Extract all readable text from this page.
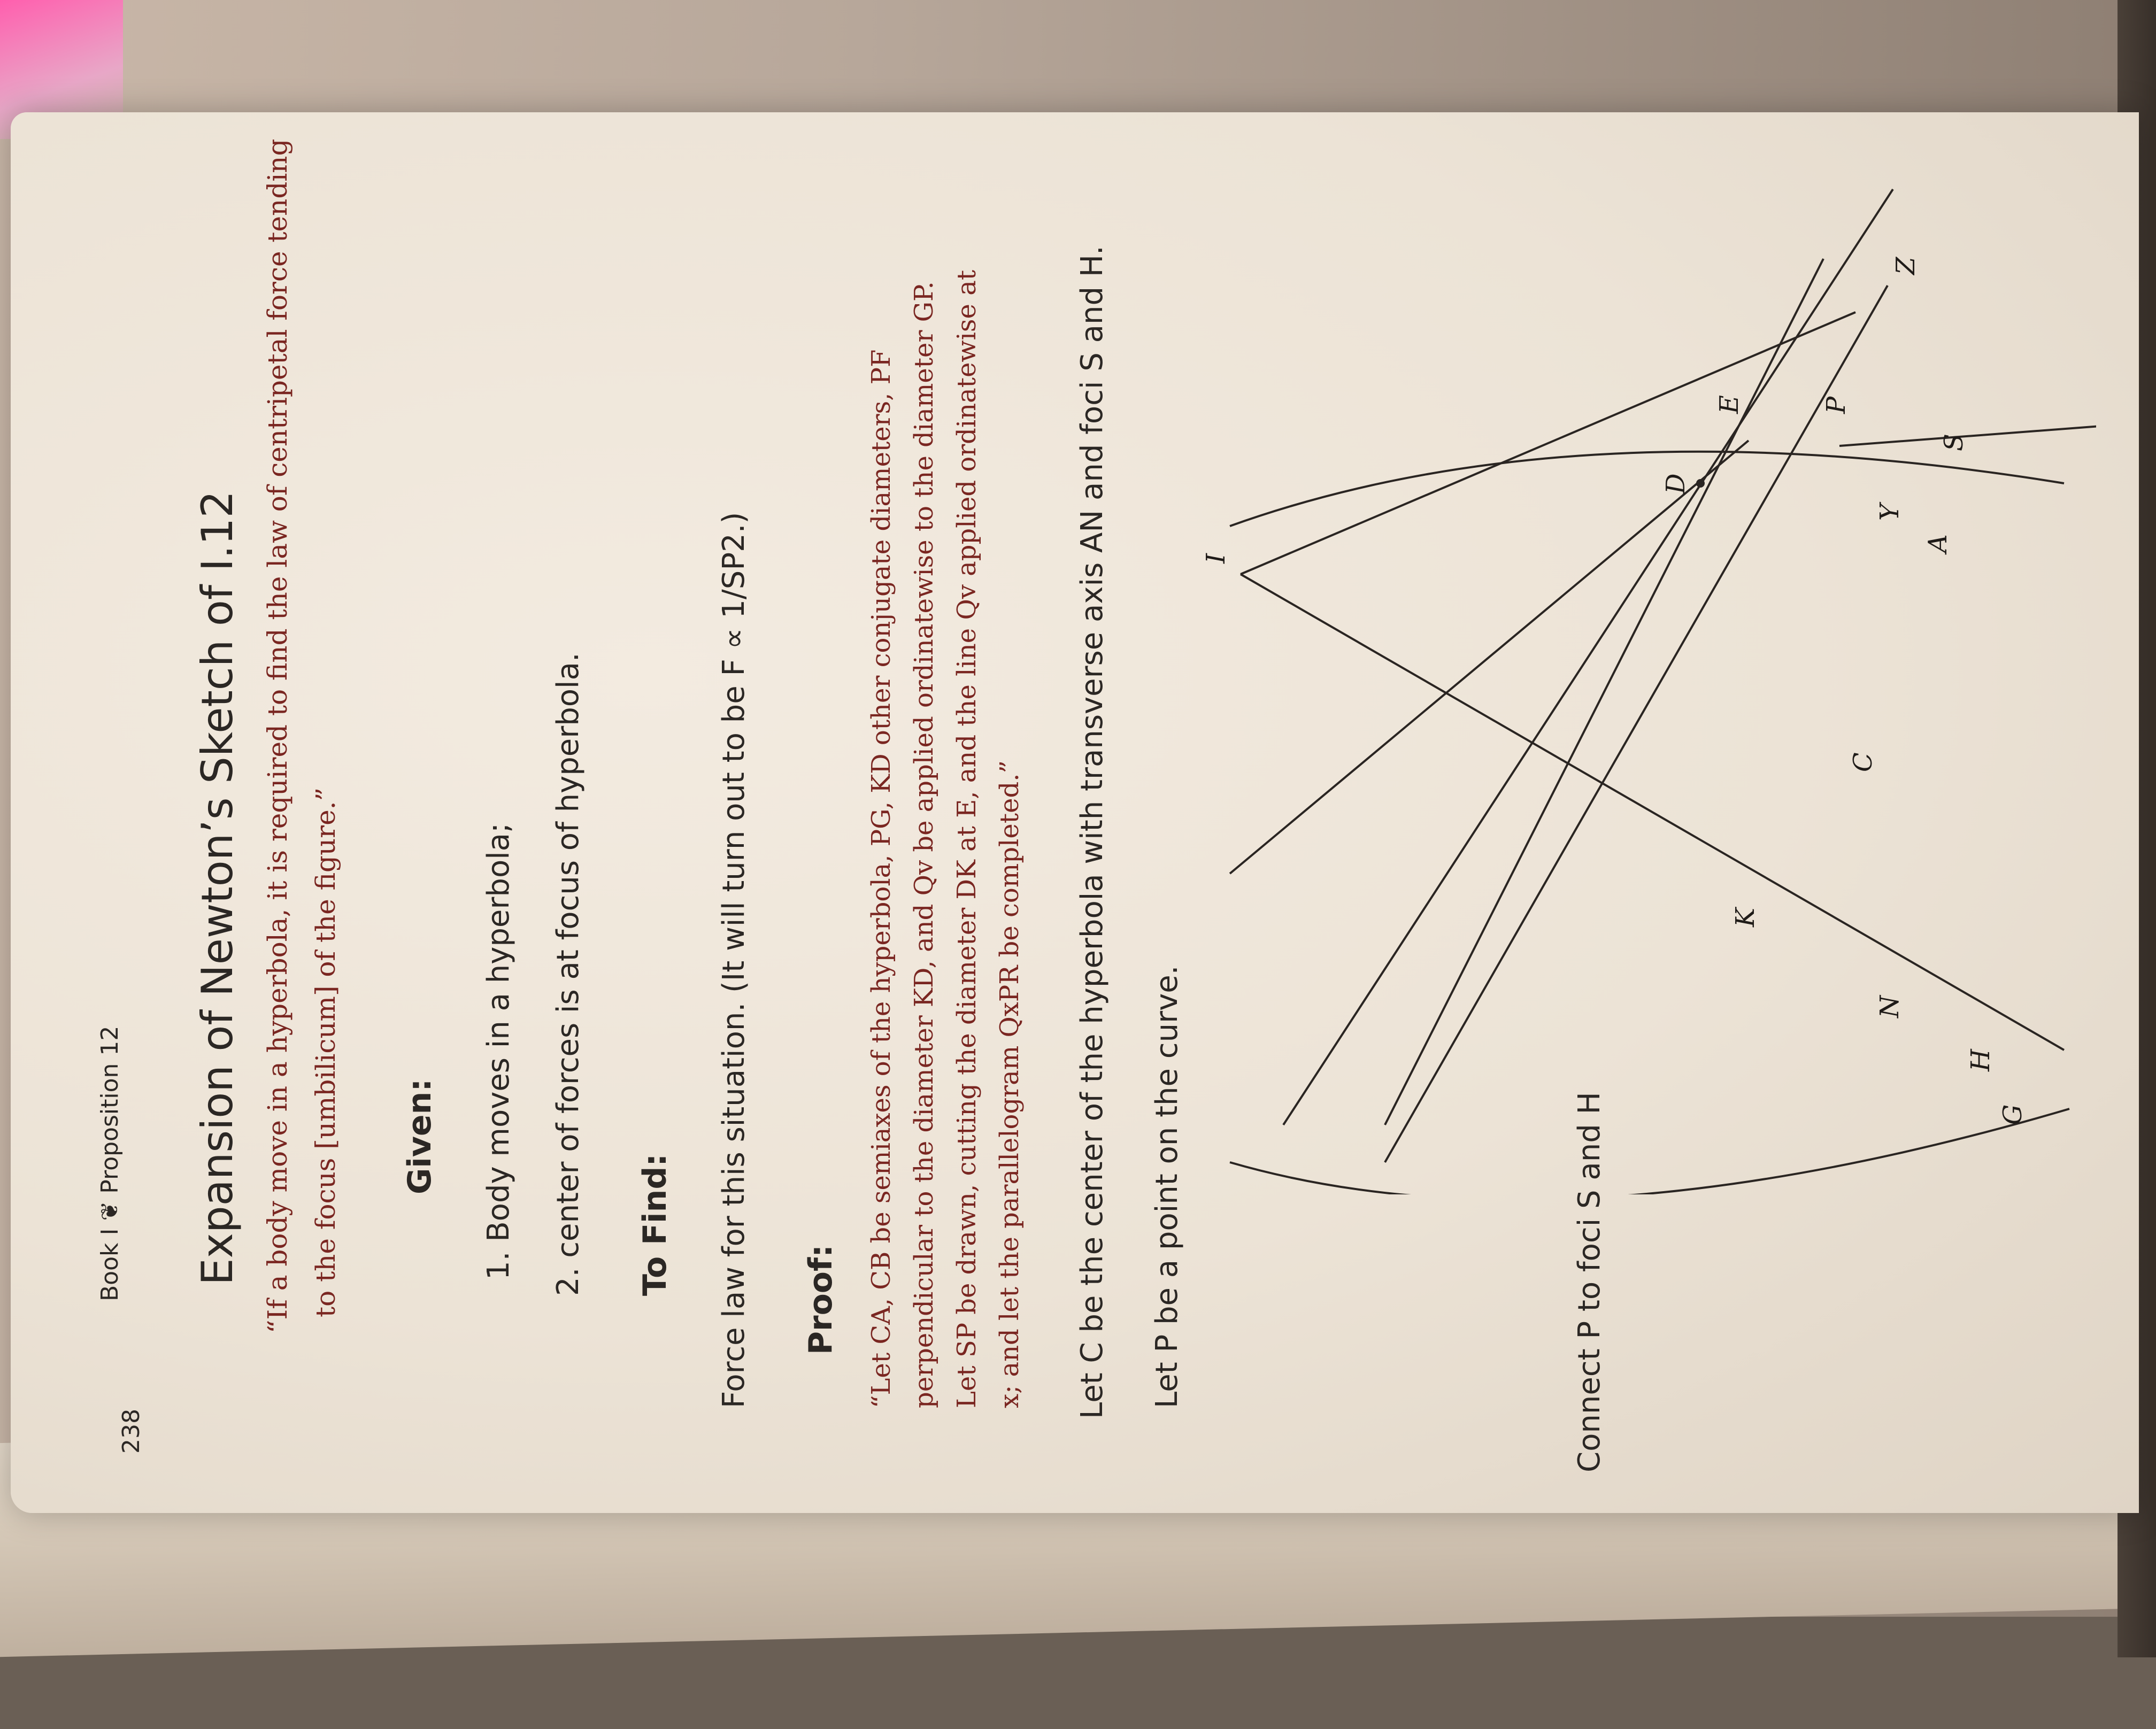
238
Book I ❦ Proposition 12 Expansion of Newton’s Sketch of I.12 “If a body move in a hyperbola, it is required to find the law of centripetal force tending to the focus [umbilicum] of the figure.” Given: 1. Body moves in a hyperbola; 2. center of forces is at focus of hyperbola. To Find: Force law for this situation. (It will turn out to be F ∝ 1/SP2.) Proof: “Let CA, CB be semiaxes of the hyperbola, PG, KD other conjugate diameters, PF perpendicular to the diameter KD, and Qv be applied ordinatewise to the diameter GP. Let SP be drawn, cutting the diameter DK at E, and the line Qv applied ordinatewise at x; and let the parallelogram QxPR be completed.” Let C be the center of the hyperbola with transverse axis AN and foci S and H. Let P be a point on the curve.
I
E
D
Z
P
Y
A
S
C
N
H
G
K
Connect P to foci S and H
